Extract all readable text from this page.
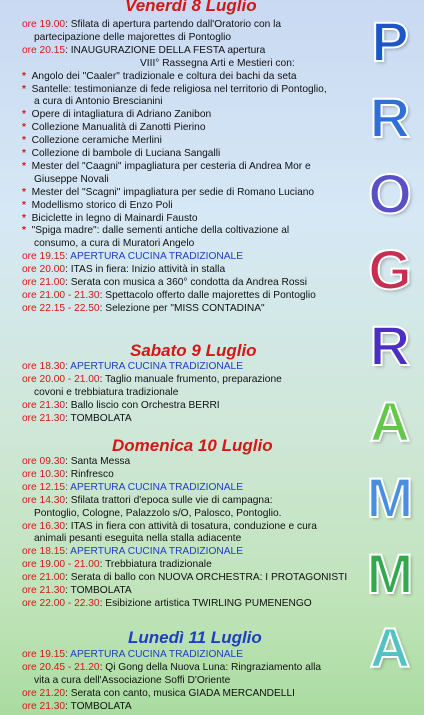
P
R
O
G
R
A
M
M
A
Venerdì 8 Luglio
ore 19.00: Sfilata di apertura partendo dall'Oratorio con la
partecipazione delle majorettes di Pontoglio
ore 20.15: INAUGURAZIONE DELLA FESTA apertura
VIII° Rassegna Arti e Mestieri con:
* Angolo dei "Caaler" tradizionale e coltura dei bachi da seta
* Santelle: testimonianze di fede religiosa nel territorio di Pontoglio,
a cura di Antonio Brescianini
* Opere di intagliatura di Adriano Zanibon
* Collezione Manualità di Zanotti Pierino
* Collezione ceramiche Merlini
* Collezione di bambole di Luciana Sangalli
* Mester del "Caagni" impagliatura per cesteria di Andrea Mor e
Giuseppe Novali
* Mester del "Scagni" impagliatura per sedie di Romano Luciano
* Modellismo storico di Enzo Poli
* Biciclette in legno di Mainardi Fausto
* "Spiga madre": dalle sementi antiche della coltivazione al
consumo, a cura di Muratori Angelo
ore 19.15: APERTURA CUCINA TRADIZIONALE
ore 20.00: ITAS in fiera: Inizio attività in stalla
ore 21.00: Serata con musica a 360° condotta da Andrea Rossi
ore 21.00 - 21.30: Spettacolo offerto dalle majorettes di Pontoglio
ore 22.15 - 22.50: Selezione per "MISS CONTADINA"
Sabato 9 Luglio
ore 18.30: APERTURA CUCINA TRADIZIONALE
ore 20.00 - 21.00: Taglio manuale frumento, preparazione
covoni e trebbiatura tradizionale
ore 21.30: Ballo liscio con Orchestra BERRI
ore 21.30: TOMBOLATA
Domenica 10 Luglio
ore 09.30: Santa Messa
ore 10.30: Rinfresco
ore 12.15: APERTURA CUCINA TRADIZIONALE
ore 14.30: Sfilata trattori d'epoca sulle vie di campagna:
Pontoglio, Cologne, Palazzolo s/O, Palosco, Pontoglio.
ore 16.30: ITAS in fiera con attività di tosatura, conduzione e cura
animali pesanti eseguita nella stalla adiacente
ore 18.15: APERTURA CUCINA TRADIZIONALE
ore 19.00 - 21.00: Trebbiatura tradizionale
ore 21.00: Serata di ballo con NUOVA ORCHESTRA: I PROTAGONISTI
ore 21.30: TOMBOLATA
ore 22.00 - 22.30: Esibizione artistica TWIRLING PUMENENGO
Lunedì 11 Luglio
ore 19.15: APERTURA CUCINA TRADIZIONALE
ore 20.45 - 21.20: Qi Gong della Nuova Luna: Ringraziamento alla
vita a cura dell'Associazione Soffi D'Oriente
ore 21.20: Serata con canto, musica GIADA MERCANDELLI
ore 21.30: TOMBOLATA
